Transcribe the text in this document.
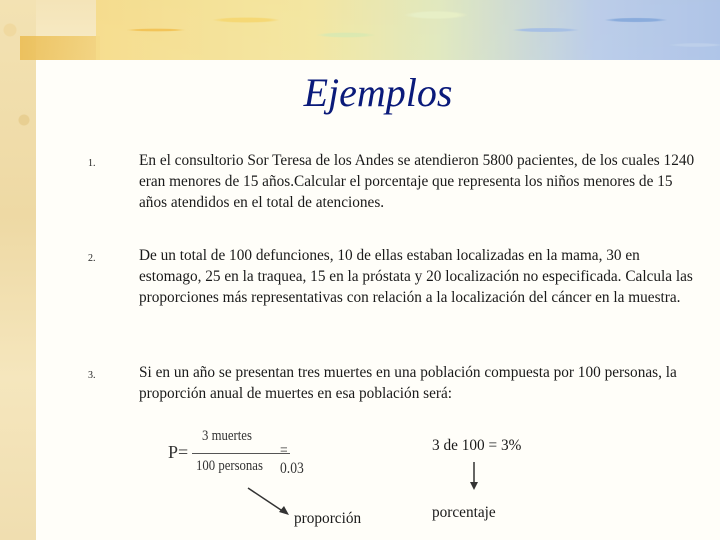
Ejemplos
1.	En el consultorio Sor Teresa de los Andes se atendieron 5800 pacientes, de los cuales 1240 eran menores de 15 años.Calcular el porcentaje que representa los niños menores de 15 años atendidos en el total de atenciones.
2.	De un total de 100 defunciones, 10 de ellas estaban localizadas en la mama, 30 en estomago, 25 en la traquea, 15 en la próstata y 20 localización no especificada. Calcula las proporciones más representativas con relación a la localización del cáncer en la muestra.
3.	Si en un año se presentan tres muertes en una población compuesta por 100 personas, la proporción anual de muertes en esa población será:
P=
3 muertes
100 personas
= 0.03
3 de 100 = 3%
proporción	porcentaje
